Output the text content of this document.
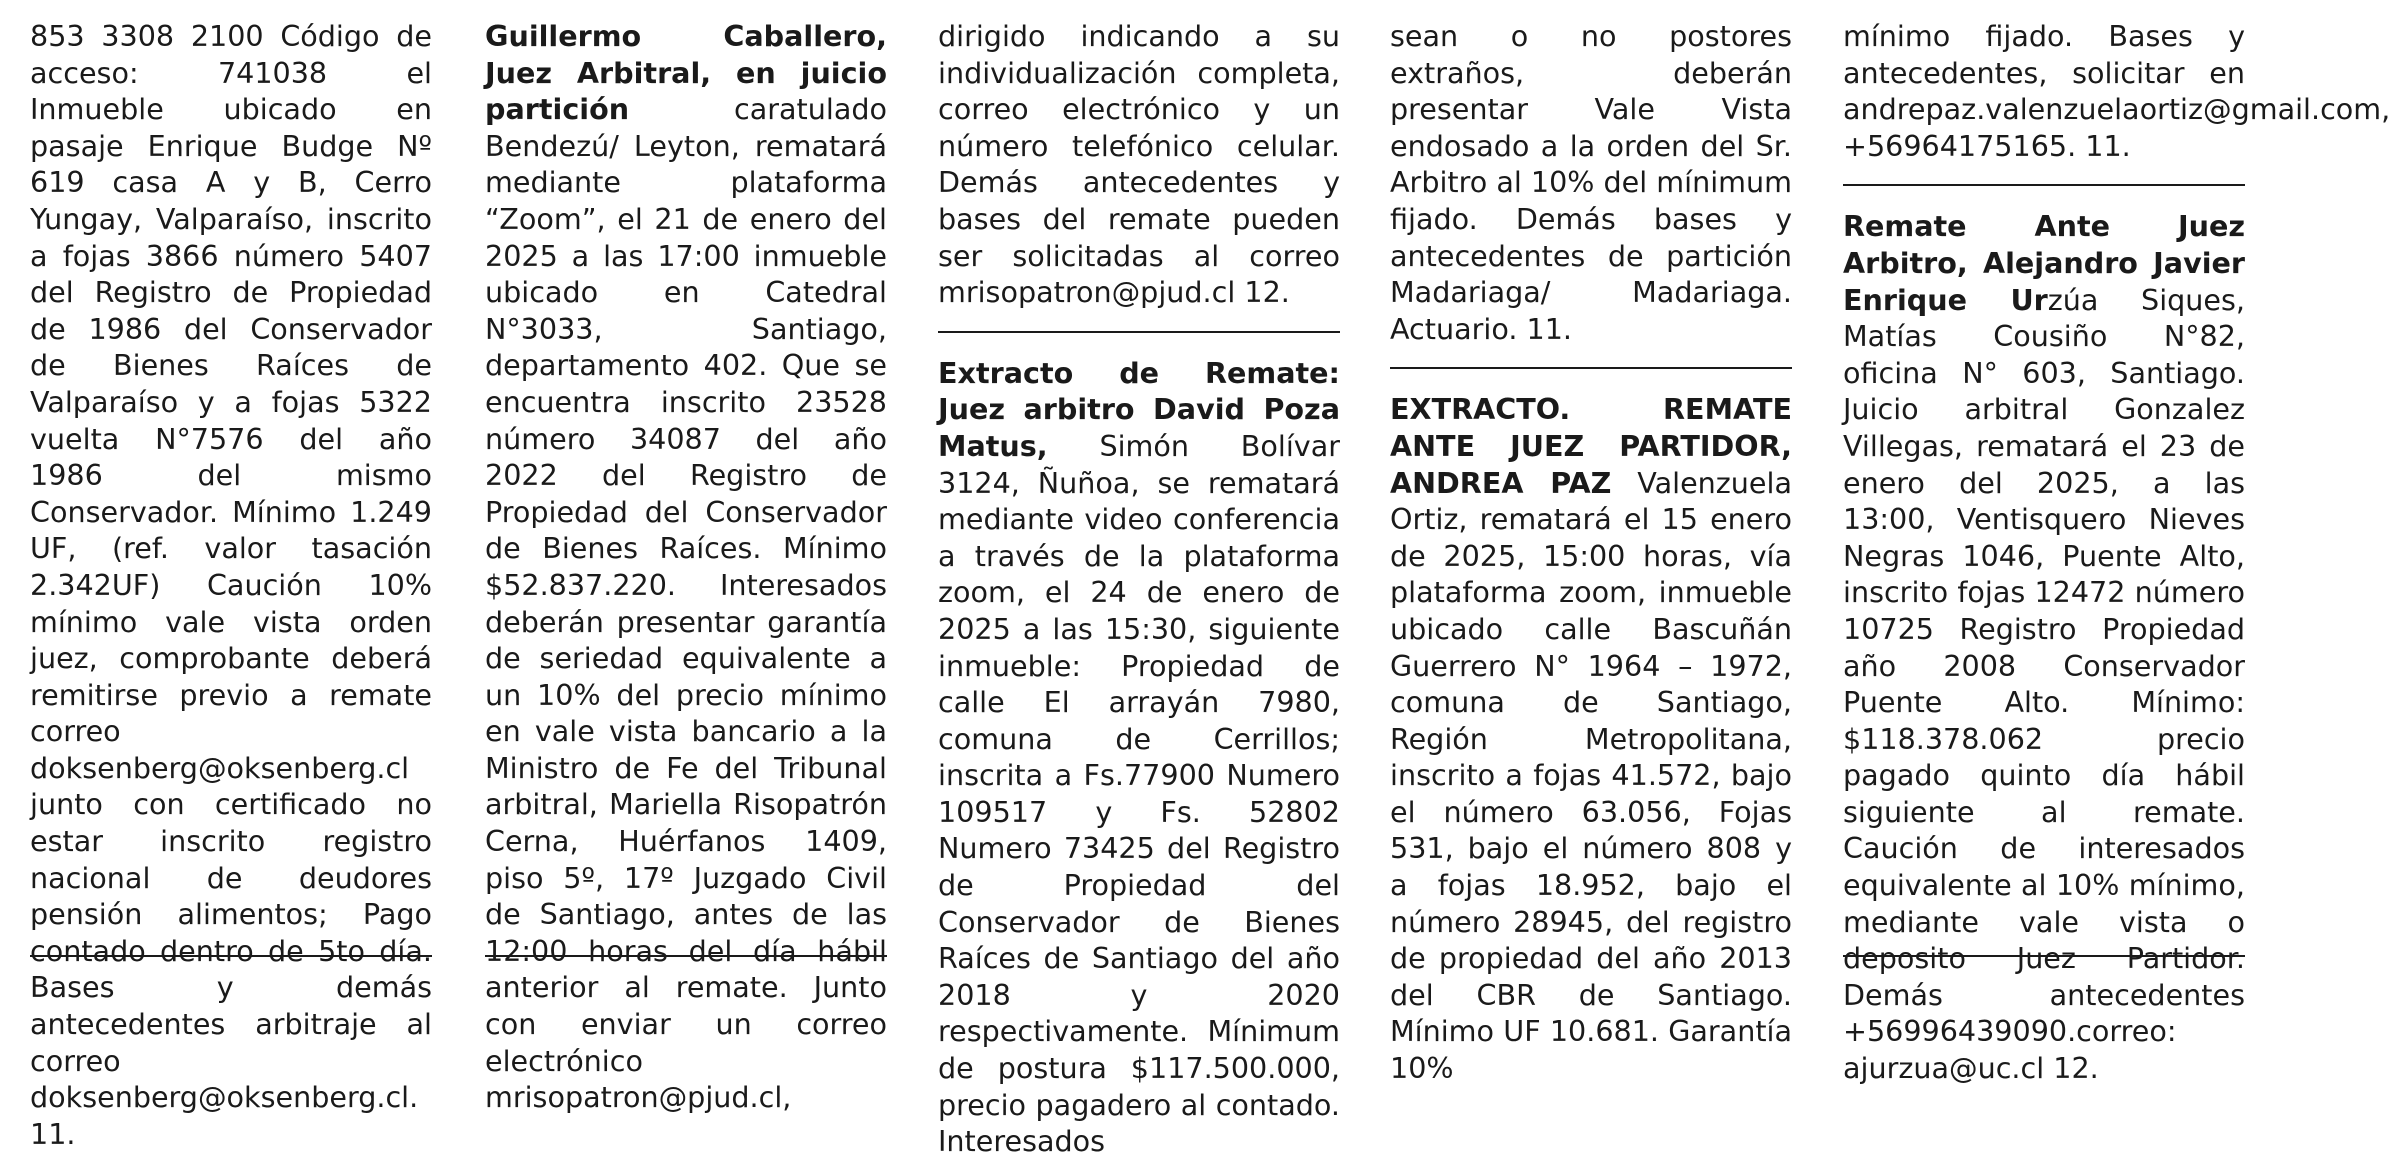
853 3308 2100 Código de acceso: 741038 el Inmueble ubicado en pasaje Enrique Budge Nº 619 casa A y B, Cerro Yungay, Valparaíso, inscrito a fojas 3866 número 5407 del Registro de Propiedad de 1986 del Conservador de Bienes Raíces de Valparaíso y a fojas 5322 vuelta N°7576 del año 1986 del mismo Conservador. Mínimo 1.249 UF, (ref. valor tasación 2.342UF) Caución 10% mínimo vale vista orden juez, comprobante deberá remitirse previo a remate correo doksenberg@oksenberg.cl junto con certificado no estar inscrito registro nacional de deudores pensión alimentos; Pago contado dentro de 5to día. Bases y demás antecedentes arbitraje al correo doksenberg@oksenberg.cl. 11.

Guillermo Caballero, Juez Arbitral, en juicio partición caratulado Bendezú/ Leyton, rematará mediante plataforma “Zoom”, el 21 de enero del 2025 a las 17:00 inmueble ubicado en Catedral N°3033, Santiago, departamento 402. Que se encuentra inscrito 23528 número 34087 del año 2022 del Registro de Propiedad del Conservador de Bienes Raíces. Mínimo $52.837.220. Interesados deberán presentar garantía de seriedad equivalente a un 10% del precio mínimo en vale vista bancario a la Ministro de Fe del Tribunal arbitral, Mariella Risopatrón Cerna, Huérfanos 1409, piso 5º, 17º Juzgado Civil de Santiago, antes de las 12:00 horas del día hábil anterior al remate. Junto con enviar un correo electrónico mrisopatron@pjud.cl,

dirigido indicando a su individualización completa, correo electrónico y un número telefónico celular. Demás antecedentes y bases del remate pueden ser solicitadas al correo mrisopatron@pjud.cl 12.

Extracto de Remate: Juez arbitro David Poza Matus, Simón Bolívar 3124, Ñuñoa, se rematará mediante video conferencia a través de la plataforma zoom, el 24 de enero de 2025 a las 15:30, siguiente inmueble: Propiedad de calle El arrayán 7980, comuna de Cerrillos; inscrita a Fs.77900 Numero 109517 y Fs. 52802 Numero 73425 del Registro de Propiedad del Conservador de Bienes Raíces de Santiago del año 2018 y 2020 respectivamente. Mínimum de postura $117.500.000, precio pagadero al contado. Interesados

sean o no postores extraños, deberán presentar Vale Vista endosado a la orden del Sr. Arbitro al 10% del mínimum fijado. Demás bases y antecedentes de partición Madariaga/ Madariaga. Actuario. 11.

EXTRACTO. REMATE ANTE JUEZ PARTIDOR, ANDREA PAZ Valenzuela Ortiz, rematará el 15 enero de 2025, 15:00 horas, vía plataforma zoom, inmueble ubicado calle Bascuñán Guerrero N° 1964 – 1972, comuna de Santiago, Región Metropolitana, inscrito a fojas 41.572, bajo el número 63.056, Fojas 531, bajo el número 808 y a fojas 18.952, bajo el número 28945, del registro de propiedad del año 2013 del CBR de Santiago. Mínimo UF 10.681. Garantía 10%

mínimo fijado. Bases y antecedentes, solicitar en andrepaz.valenzuelaortiz@gmail.com, +56964175165. 11.

Remate Ante Juez Arbitro, Alejandro Javier Enrique Urzúa Siques, Matías Cousiño N°82, oficina N° 603, Santiago. Juicio arbitral Gonzalez Villegas, rematará el 23 de enero del 2025, a las 13:00, Ventisquero Nieves Negras 1046, Puente Alto, inscrito fojas 12472 número 10725 Registro Propiedad año 2008 Conservador Puente Alto. Mínimo: $118.378.062 precio pagado quinto día hábil siguiente al remate. Caución de interesados equivalente al 10% mínimo, mediante vale vista o deposito Juez Partidor. Demás antecedentes +56996439090.correo: ajurzua@uc.cl 12.
